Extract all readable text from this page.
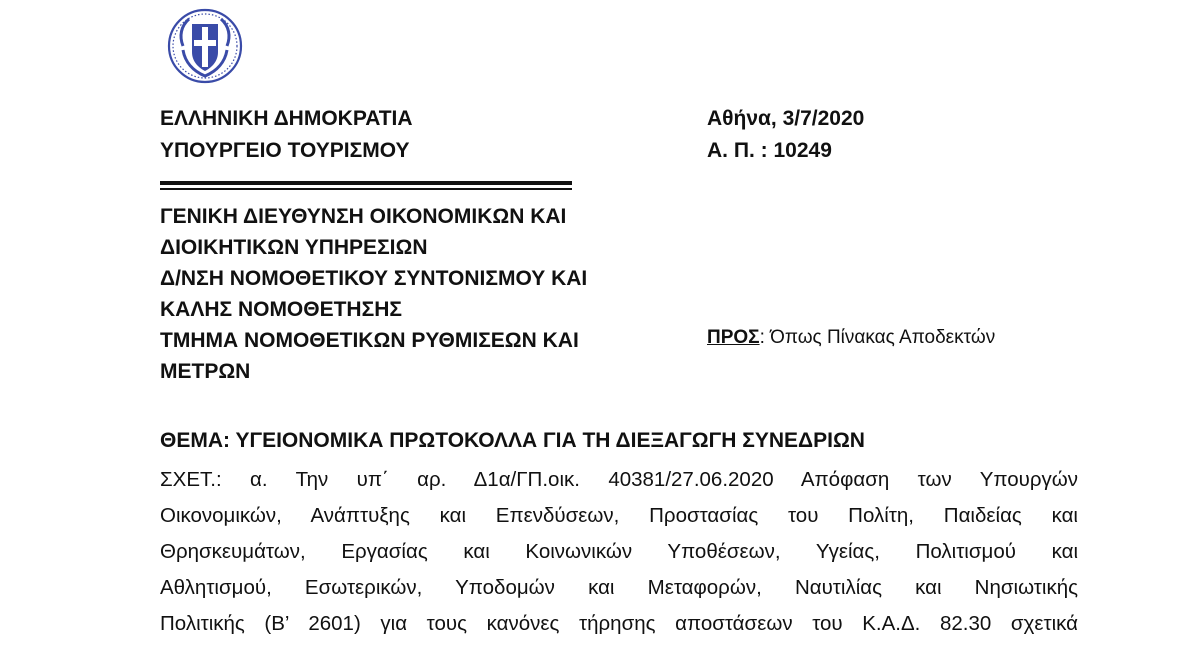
ΕΛΛΗΝΙΚΗ ΔΗΜΟΚΡΑΤΙΑ
ΥΠΟΥΡΓΕΙΟ ΤΟΥΡΙΣΜΟΥ
Αθήνα, 3/7/2020
Α. Π. : 10249
ΓΕΝΙΚΗ ΔΙΕΥΘΥΝΣΗ ΟΙΚΟΝΟΜΙΚΩΝ ΚΑΙ
ΔΙΟΙΚΗΤΙΚΩΝ ΥΠΗΡΕΣΙΩΝ
Δ/ΝΣΗ ΝΟΜΟΘΕΤΙΚΟΥ ΣΥΝΤΟΝΙΣΜΟΥ ΚΑΙ
ΚΑΛΗΣ ΝΟΜΟΘΕΤΗΣΗΣ
ΤΜΗΜΑ ΝΟΜΟΘΕΤΙΚΩΝ ΡΥΘΜΙΣΕΩΝ ΚΑΙ
ΜΕΤΡΩΝ
ΠΡΟΣ: Όπως Πίνακας Αποδεκτών
ΘΕΜΑ: ΥΓΕΙΟΝΟΜΙΚΑ ΠΡΩΤΟΚΟΛΛΑ ΓΙΑ ΤΗ ΔΙΕΞΑΓΩΓΗ ΣΥΝΕΔΡΙΩΝ
ΣΧΕΤ.: α. Την υπ΄ αρ. Δ1α/ΓΠ.οικ. 40381/27.06.2020 Απόφαση των Υπουργών
Οικονομικών, Ανάπτυξης και Επενδύσεων, Προστασίας του Πολίτη, Παιδείας και
Θρησκευμάτων, Εργασίας και Κοινωνικών Υποθέσεων, Υγείας, Πολιτισμού και
Αθλητισμού, Εσωτερικών, Υποδομών και Μεταφορών, Ναυτιλίας και Νησιωτικής
Πολιτικής (Β’ 2601) για τους κανόνες τήρησης αποστάσεων του Κ.Α.Δ. 82.30 σχετικά
